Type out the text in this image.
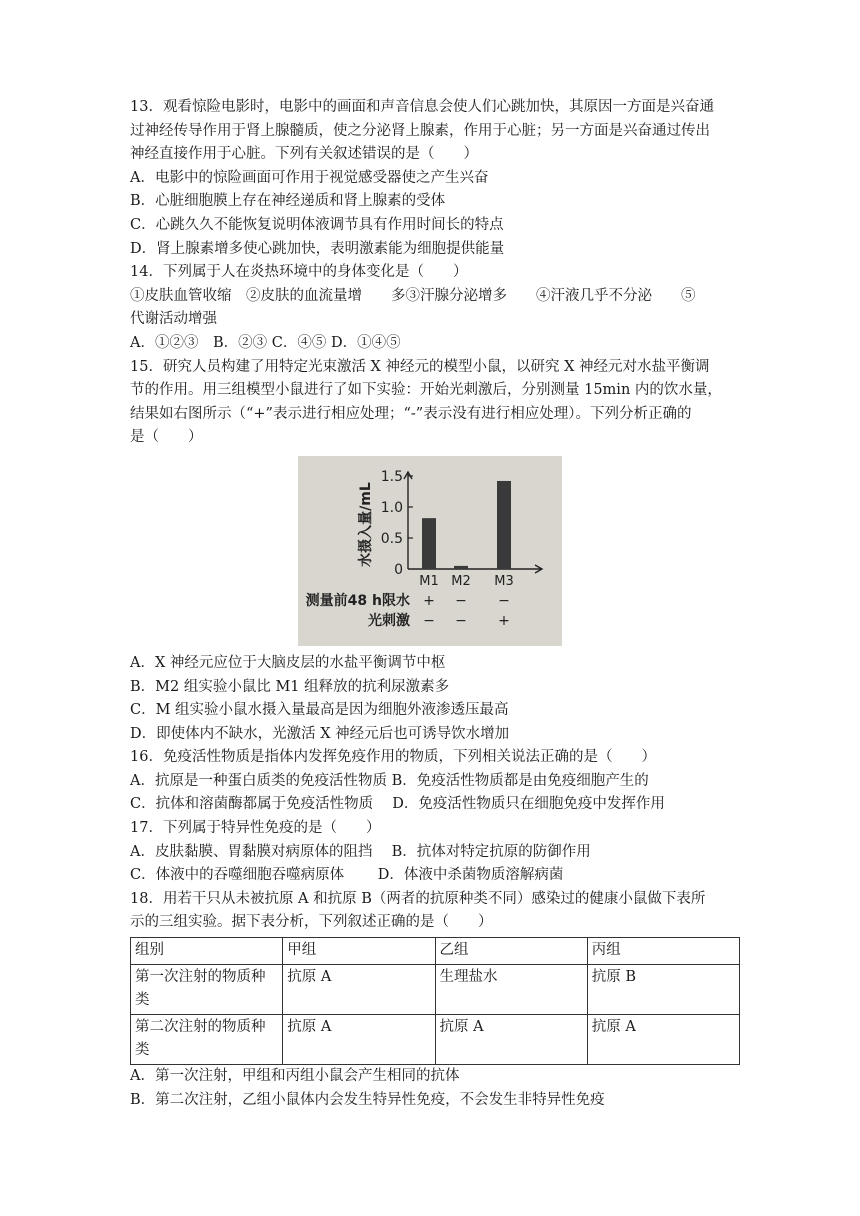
13．观看惊险电影时，电影中的画面和声音信息会使人们心跳加快，其原因一方面是兴奋通
过神经传导作用于肾上腺髓质，使之分泌肾上腺素，作用于心脏；另一方面是兴奋通过传出
神经直接作用于心脏。下列有关叙述错误的是（　　）
A．电影中的惊险画面可作用于视觉感受器使之产生兴奋
B．心脏细胞膜上存在神经递质和肾上腺素的受体
C．心跳久久不能恢复说明体液调节具有作用时间长的特点
D．肾上腺素增多使心跳加快，表明激素能为细胞提供能量
14．下列属于人在炎热环境中的身体变化是（　　）
①皮肤血管收缩　②皮肤的血流量增　　多③汗腺分泌增多　　④汗液几乎不分泌　　⑤
代谢活动增强
A．①②③　B．②③ C．④⑤ D．①④⑤
15．研究人员构建了用特定光束激活 X 神经元的模型小鼠，以研究 X 神经元对水盐平衡调
节的作用。用三组模型小鼠进行了如下实验：开始光刺激后，分别测量 15min 内的饮水量，
结果如右图所示（“+”表示进行相应处理；“-”表示没有进行相应处理）。下列分析正确的
是（　　）
0
0.5
1.0
1.5
水摄入量/mL
M1 M2 M3
测量前48 h限水 + − −
光刺激 − − +
A．X 神经元应位于大脑皮层的水盐平衡调节中枢
B．M2 组实验小鼠比 M1 组释放的抗利尿激素多
C．M 组实验小鼠水摄入量最高是因为细胞外液渗透压最高
D．即使体内不缺水，光激活 X 神经元后也可诱导饮水增加
16．免疫活性物质是指体内发挥免疫作用的物质，下列相关说法正确的是（　　）
A．抗原是一种蛋白质类的免疫活性物质 B．免疫活性物质都是由免疫细胞产生的
C．抗体和溶菌酶都属于免疫活性物质　 D．免疫活性物质只在细胞免疫中发挥作用
17．下列属于特异性免疫的是（　　）
A．皮肤黏膜、胃黏膜对病原体的阻挡　 B．抗体对特定抗原的防御作用
C．体液中的吞噬细胞吞噬病原体　　 D．体液中杀菌物质溶解病菌
18．用若干只从未被抗原 A 和抗原 B（两者的抗原种类不同）感染过的健康小鼠做下表所
示的三组实验。据下表分析，下列叙述正确的是（　　）
组别	甲组	乙组	丙组
第一次注射的物质种类	抗原 A	生理盐水	抗原 B
第二次注射的物质种类	抗原 A	抗原 A	抗原 A
A．第一次注射，甲组和丙组小鼠会产生相同的抗体
B．第二次注射，乙组小鼠体内会发生特异性免疫，不会发生非特异性免疫
